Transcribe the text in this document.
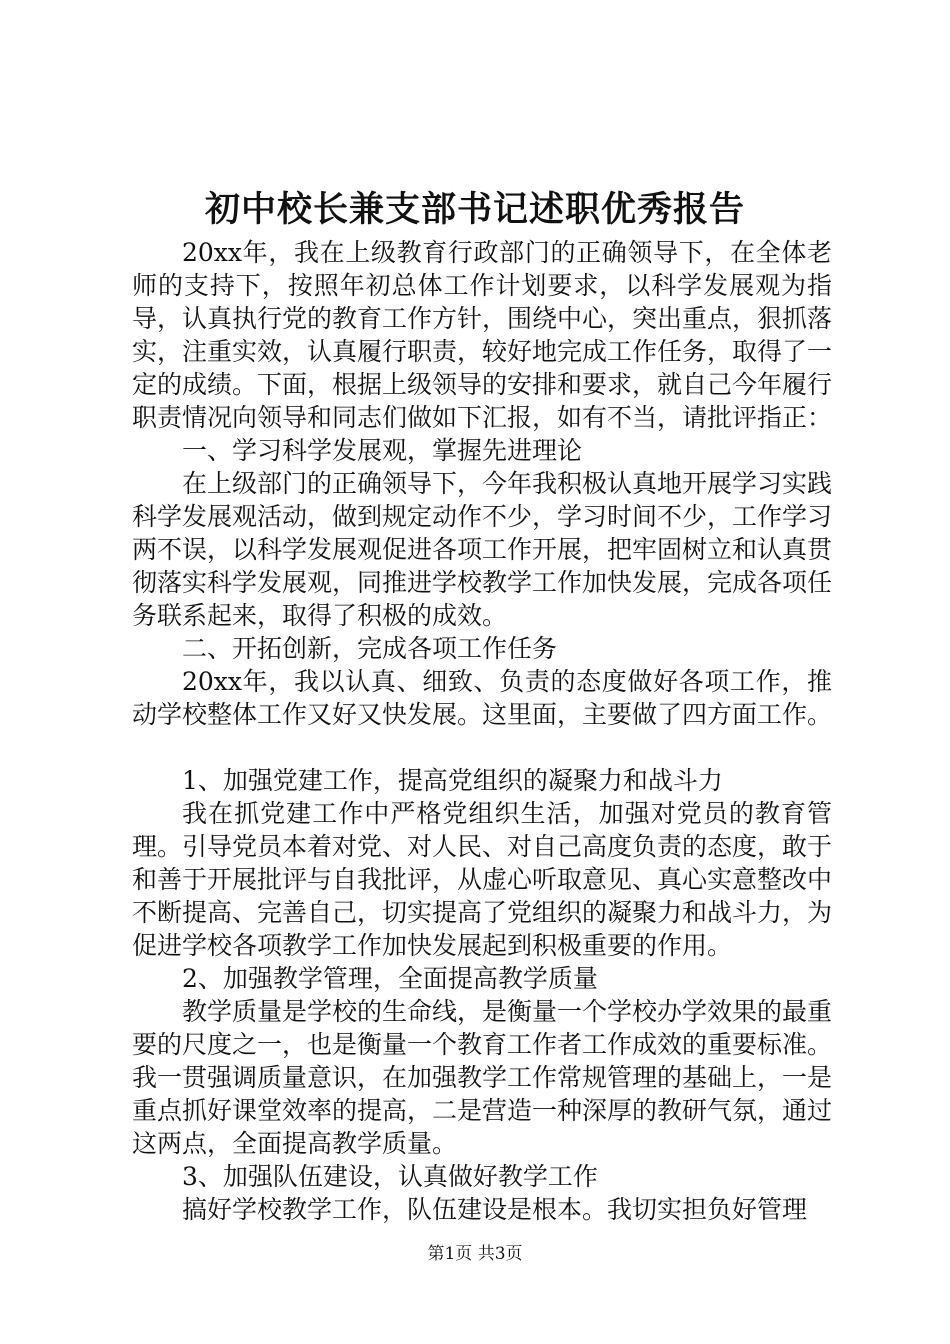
初中校长兼支部书记述职优秀报告

20xx年，我在上级教育行政部门的正确领导下，在全体老师的支持下，按照年初总体工作计划要求，以科学发展观为指导，认真执行党的教育工作方针，围绕中心，突出重点，狠抓落实，注重实效，认真履行职责，较好地完成工作任务，取得了一定的成绩。下面，根据上级领导的安排和要求，就自己今年履行职责情况向领导和同志们做如下汇报，如有不当，请批评指正：

一、学习科学发展观，掌握先进理论

在上级部门的正确领导下，今年我积极认真地开展学习实践科学发展观活动，做到规定动作不少，学习时间不少，工作学习两不误，以科学发展观促进各项工作开展，把牢固树立和认真贯彻落实科学发展观，同推进学校教学工作加快发展，完成各项任务联系起来，取得了积极的成效。

二、开拓创新，完成各项工作任务

20xx年，我以认真、细致、负责的态度做好各项工作，推动学校整体工作又好又快发展。这里面，主要做了四方面工作。

1、加强党建工作，提高党组织的凝聚力和战斗力

我在抓党建工作中严格党组织生活，加强对党员的教育管理。引导党员本着对党、对人民、对自己高度负责的态度，敢于和善于开展批评与自我批评，从虚心听取意见、真心实意整改中不断提高、完善自己，切实提高了党组织的凝聚力和战斗力，为促进学校各项教学工作加快发展起到积极重要的作用。

2、加强教学管理，全面提高教学质量

教学质量是学校的生命线，是衡量一个学校办学效果的最重要的尺度之一，也是衡量一个教育工作者工作成效的重要标准。我一贯强调质量意识，在加强教学工作常规管理的基础上，一是重点抓好课堂效率的提高，二是营造一种深厚的教研气氛，通过这两点，全面提高教学质量。

3、加强队伍建设，认真做好教学工作

搞好学校教学工作，队伍建设是根本。我切实担负好管理

第1页 共3页
